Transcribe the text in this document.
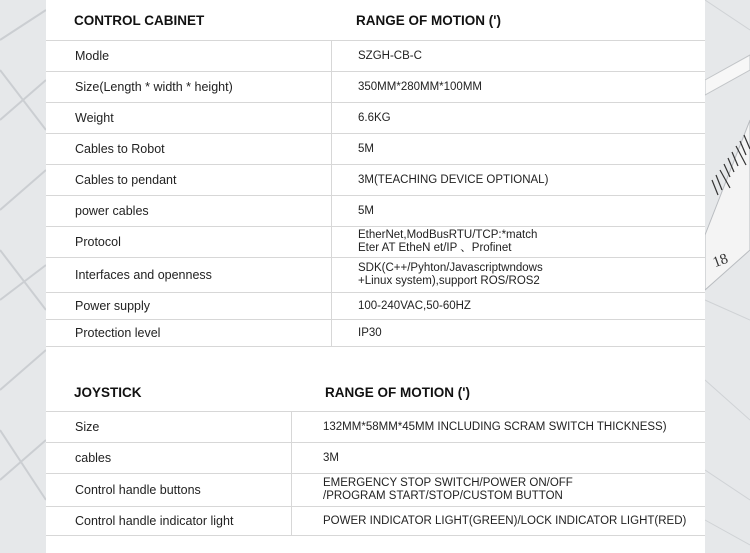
18
CONTROL CABINET	RANGE OF MOTION (')
Modle	SZGH-CB-C
Size(Length * width * height)	350MM*280MM*100MM
Weight	6.6KG
Cables to Robot	5M
Cables to pendant	3M(TEACHING DEVICE OPTIONAL)
power cables	5M
Protocol	EtherNet,ModBusRTU/TCP:*match
Eter AT EtheN et/IP 、Profinet
Interfaces and openness	SDK(C++/Pyhton/Javascriptwndows
+Linux system),support ROS/ROS2
Power supply	100-240VAC,50-60HZ
Protection level	IP30
JOYSTICK	RANGE OF MOTION (')
Size	132MM*58MM*45MM INCLUDING SCRAM SWITCH THICKNESS)
cables	3M
Control handle buttons	EMERGENCY STOP SWITCH/POWER ON/OFF
/PROGRAM START/STOP/CUSTOM BUTTON
Control handle indicator light	POWER INDICATOR LIGHT(GREEN)/LOCK INDICATOR LIGHT(RED)
